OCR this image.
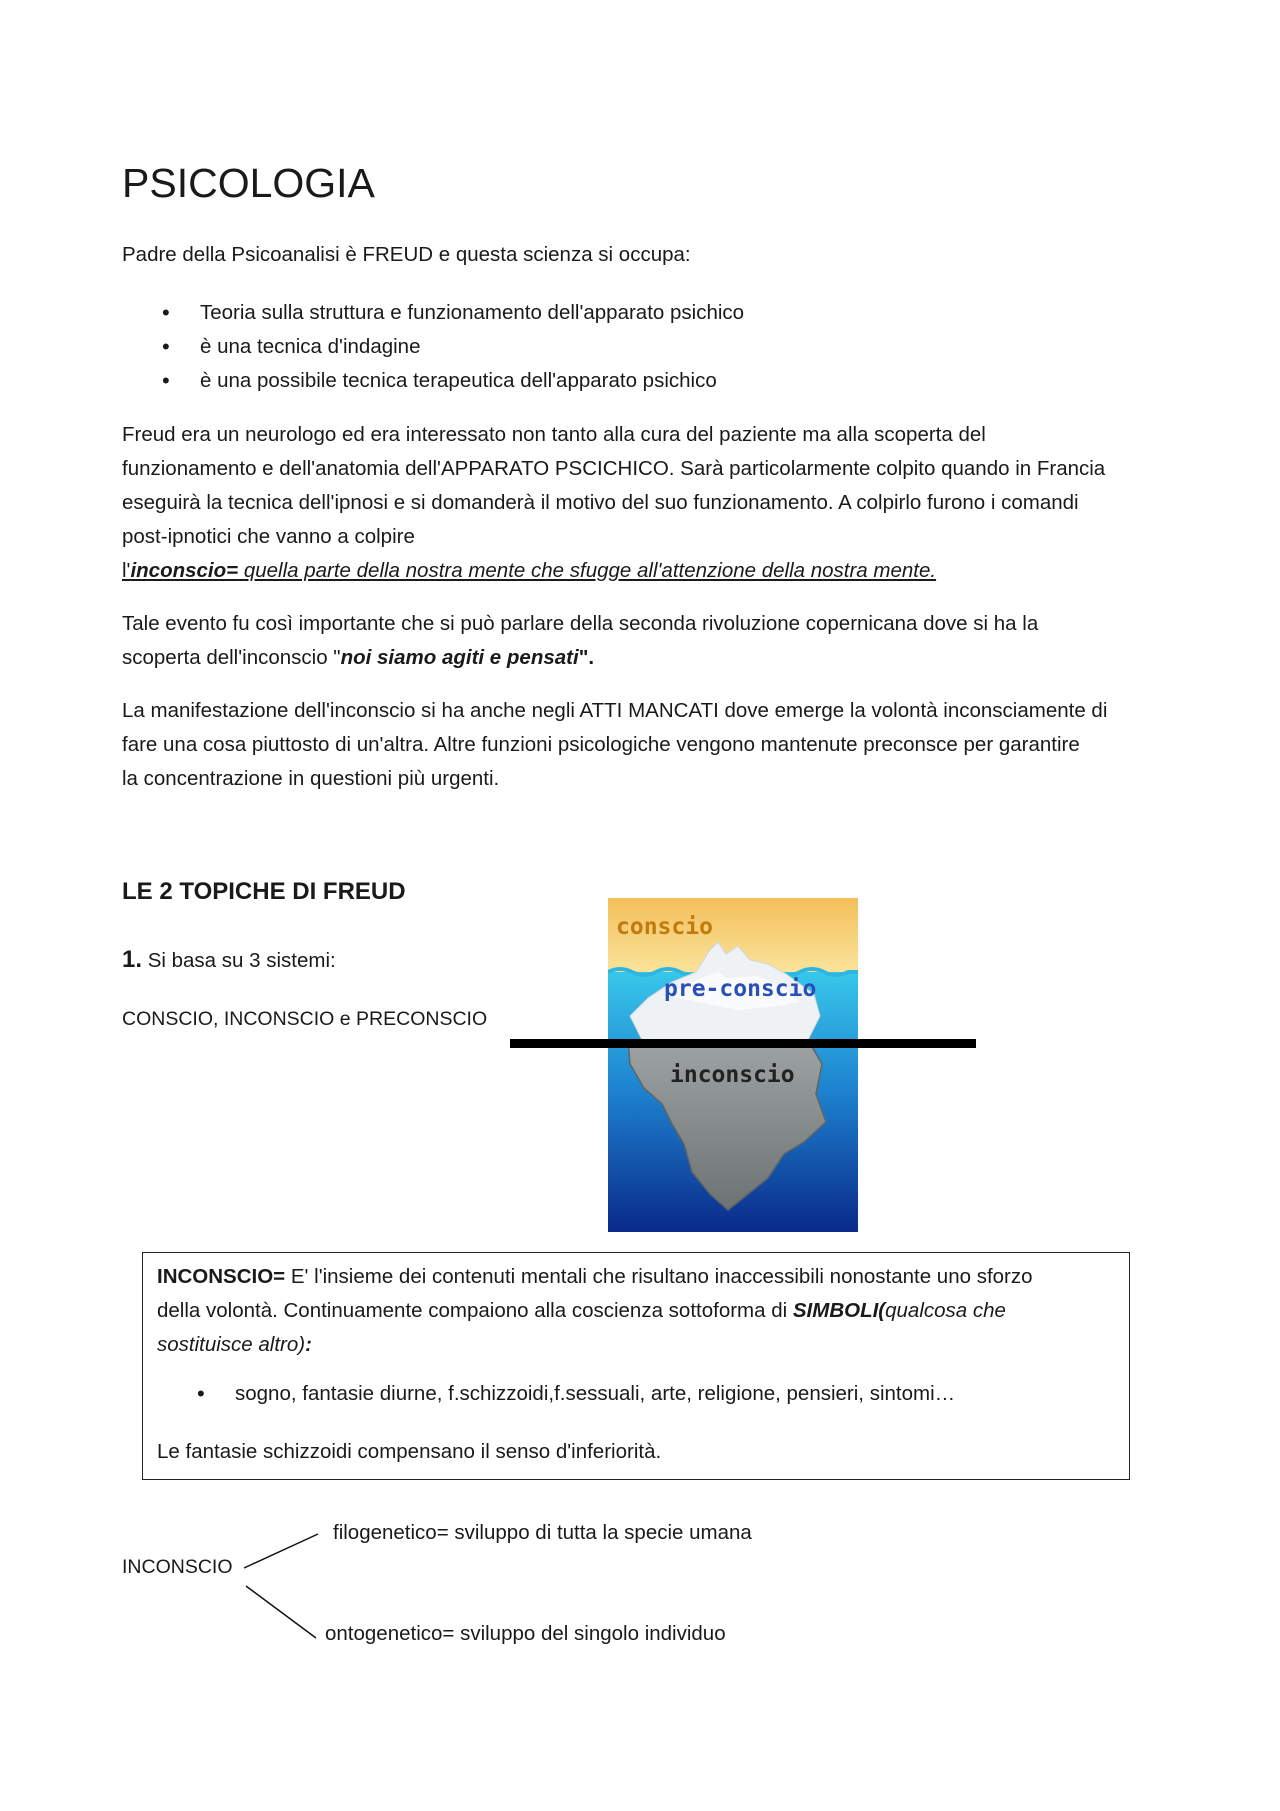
PSICOLOGIA

Padre della Psicoanalisi è FREUD e questa scienza si occupa:

• Teoria sulla struttura e funzionamento dell'apparato psichico
• è una tecnica d'indagine
• è una possibile tecnica terapeutica dell'apparato psichico

Freud era un neurologo ed era interessato non tanto alla cura del paziente ma alla scoperta del

funzionamento e dell'anatomia dell'APPARATO PSCICHICO. Sarà particolarmente colpito quando in Francia

eseguirà la tecnica dell'ipnosi e si domanderà il motivo del suo funzionamento. A colpirlo furono i comandi

post-ipnotici che vanno a colpire

l'inconscio= quella parte della nostra mente che sfugge all'attenzione della nostra mente.

Tale evento fu così importante che si può parlare della seconda rivoluzione copernicana dove si ha la

scoperta dell'inconscio "noi siamo agiti e pensati".

La manifestazione dell'inconscio si ha anche negli ATTI MANCATI dove emerge la volontà inconsciamente di

fare una cosa piuttosto di un'altra. Altre funzioni psicologiche vengono mantenute preconsce per garantire

la concentrazione in questioni più urgenti.

LE 2 TOPICHE DI FREUD

1. Si basa su 3 sistemi:

CONSCIO, INCONSCIO e PRECONSCIO

conscio
pre-conscio
inconscio

INCONSCIO= E' l'insieme dei contenuti mentali che risultano inaccessibili nonostante uno sforzo

della volontà. Continuamente compaiono alla coscienza sottoforma di SIMBOLI(qualcosa che

sostituisce altro):

• sogno, fantasie diurne, f.schizzoidi,f.sessuali, arte, religione, pensieri, sintomi…

Le fantasie schizzoidi compensano il senso d'inferiorità.

INCONSCIO

filogenetico= sviluppo di tutta la specie umana

ontogenetico= sviluppo del singolo individuo
